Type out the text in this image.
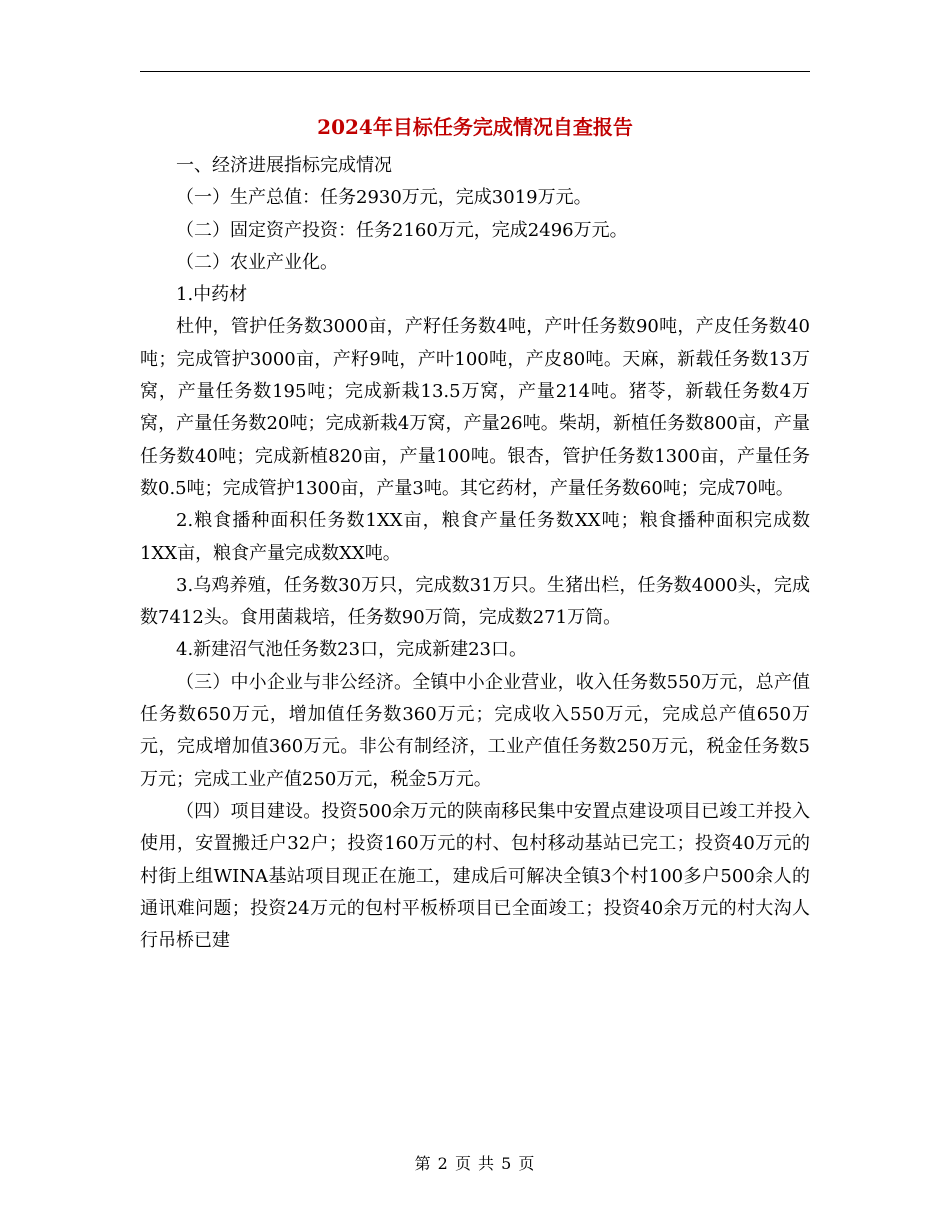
2024年目标任务完成情况自查报告

一、经济进展指标完成情况

（一）生产总值：任务2930万元，完成3019万元。

（二）固定资产投资：任务2160万元，完成2496万元。

（二）农业产业化。

1.中药材

杜仲，管护任务数3000亩，产籽任务数4吨，产叶任务数90吨，产皮任务数40吨；完成管护3000亩，产籽9吨，产叶100吨，产皮80吨。天麻，新载任务数13万窝，产量任务数195吨；完成新栽13.5万窝，产量214吨。猪苓，新载任务数4万窝，产量任务数20吨；完成新栽4万窝，产量26吨。柴胡，新植任务数800亩，产量任务数40吨；完成新植820亩，产量100吨。银杏，管护任务数1300亩，产量任务数0.5吨；完成管护1300亩，产量3吨。其它药材，产量任务数60吨；完成70吨。

2.粮食播种面积任务数1XX亩，粮食产量任务数XX吨；粮食播种面积完成数1XX亩，粮食产量完成数XX吨。

3.乌鸡养殖，任务数30万只，完成数31万只。生猪出栏，任务数4000头，完成数7412头。食用菌栽培，任务数90万筒，完成数271万筒。

4.新建沼气池任务数23口，完成新建23口。

（三）中小企业与非公经济。全镇中小企业营业，收入任务数550万元，总产值任务数650万元，增加值任务数360万元；完成收入550万元，完成总产值650万元，完成增加值360万元。非公有制经济，工业产值任务数250万元，税金任务数5万元；完成工业产值250万元，税金5万元。

（四）项目建设。投资500余万元的陕南移民集中安置点建设项目已竣工并投入使用，安置搬迁户32户；投资160万元的村、包村移动基站已完工；投资40万元的村街上组WINA基站项目现正在施工，建成后可解决全镇3个村100多户500余人的通讯难问题；投资24万元的包村平板桥项目已全面竣工；投资40余万元的村大沟人行吊桥已建

第 2 页 共 5 页
